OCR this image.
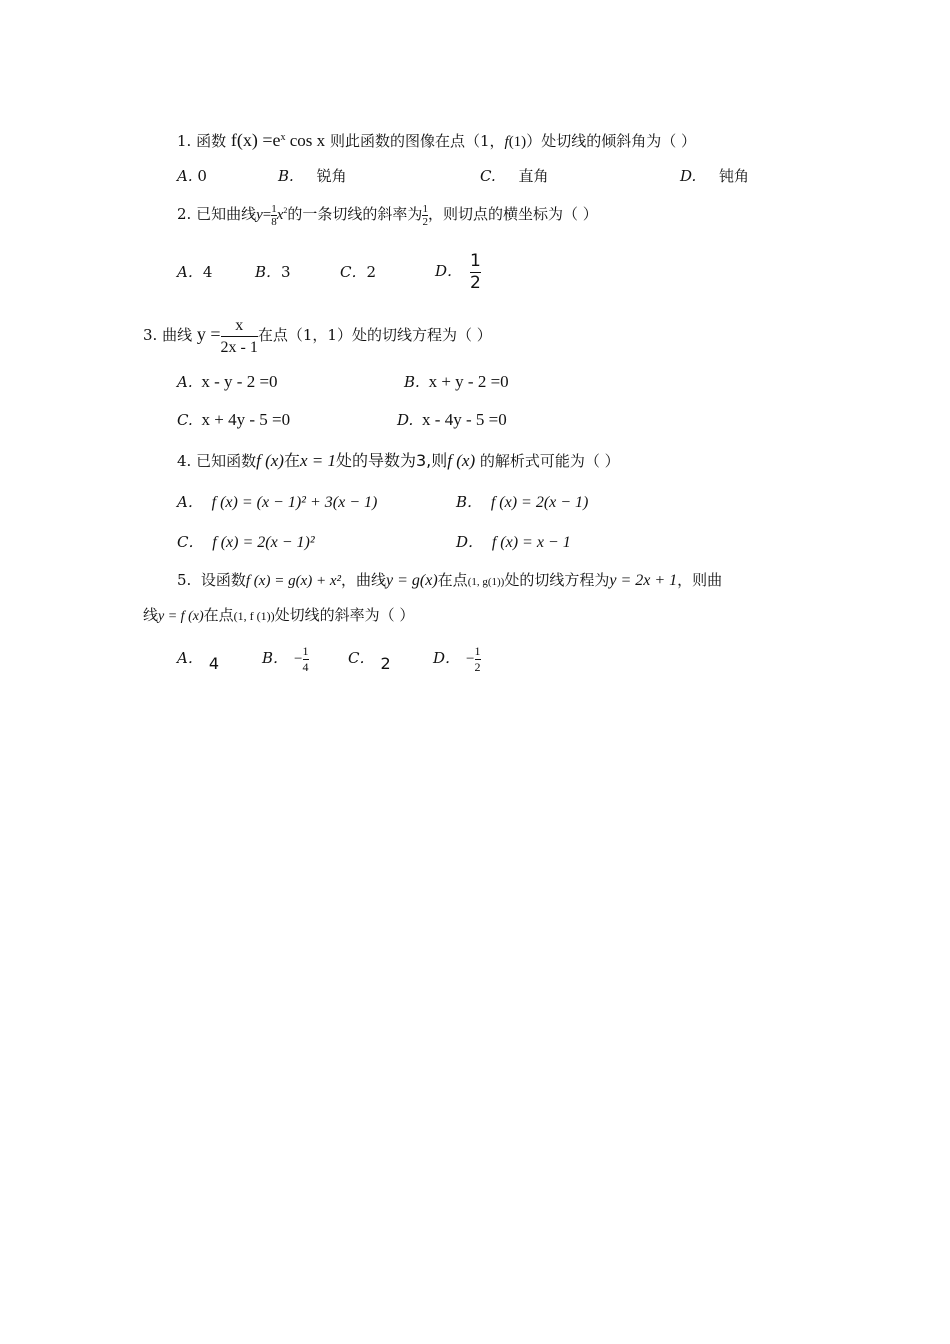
1. 函数 $f(x) =e^x$ cos x 则此函数的图像在点（1，f(1)）处切线的倾斜角为（ ）
A. 0	B. 锐角	C. 直角	D. 钝角
2. 已知曲线$y= \frac{1}{8} x^2$的一条切线的斜率为 $\frac{1}{2}$ ，则切点的横坐标为（ ）
A．4	B．3	C．2	D． $\frac{1}{2}$
3. 曲线 $y = \frac{x}{2x - 1}$ 在点（1，1）处的切线方程为（ ）
A. x - y - 2 =0	B. x + y - 2 =0
C. x + 4y - 5 =0	D. x - 4y - 5 =0
4. 已知函数f (x)在x = 1处的导数为3,则f (x) 的解析式可能为（ ）
A． f (x) = (x − 1)² + 3(x − 1)	B． f (x) = 2(x − 1)
C． f (x) = 2(x − 1)²	D． f (x) = x − 1
5. 设函数f (x) = g(x) + x²，曲线y = g(x)在点(1, g(1))处的切线方程为y = 2x + 1，则曲
线y = f (x)在点(1, f (1))处切线的斜率为（ ）
A． 4	B． − $\frac{1}{4}$	C． 2	D． − $\frac{1}{2}$
